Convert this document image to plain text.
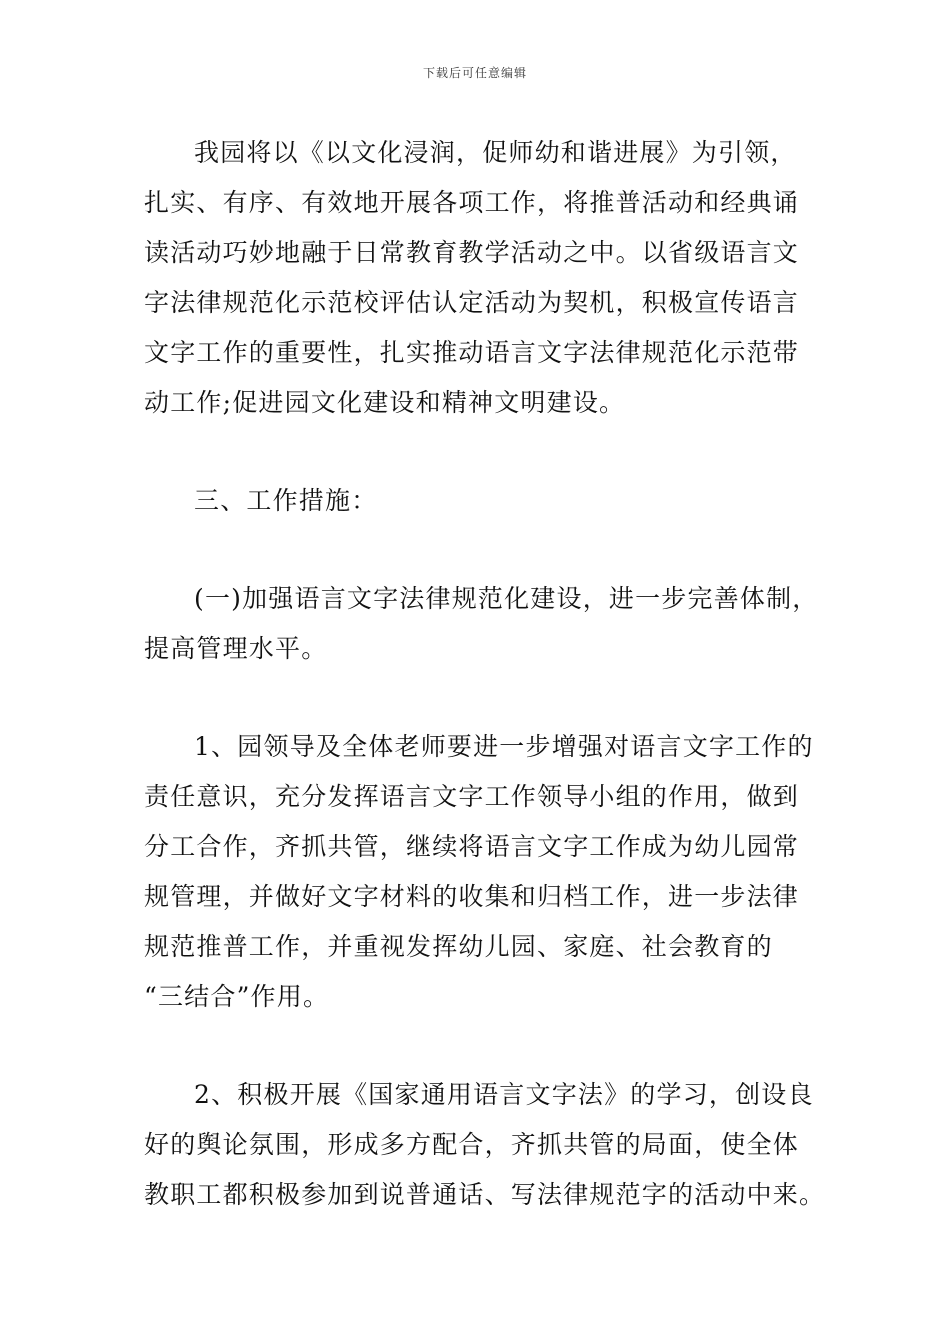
下载后可任意编辑

我园将以《以文化浸润，促师幼和谐进展》为引领，
扎实、有序、有效地开展各项工作，将推普活动和经典诵
读活动巧妙地融于日常教育教学活动之中。以省级语言文
字法律规范化示范校评估认定活动为契机，积极宣传语言
文字工作的重要性，扎实推动语言文字法律规范化示范带
动工作;促进园文化建设和精神文明建设。

三、工作措施：

(一)加强语言文字法律规范化建设，进一步完善体制，
提高管理水平。

1、园领导及全体老师要进一步增强对语言文字工作的
责任意识，充分发挥语言文字工作领导小组的作用，做到
分工合作，齐抓共管，继续将语言文字工作成为幼儿园常
规管理，并做好文字材料的收集和归档工作，进一步法律
规范推普工作，并重视发挥幼儿园、家庭、社会教育的
“三结合”作用。

2、积极开展《国家通用语言文字法》的学习，创设良
好的舆论氛围，形成多方配合，齐抓共管的局面，使全体
教职工都积极参加到说普通话、写法律规范字的活动中来。
